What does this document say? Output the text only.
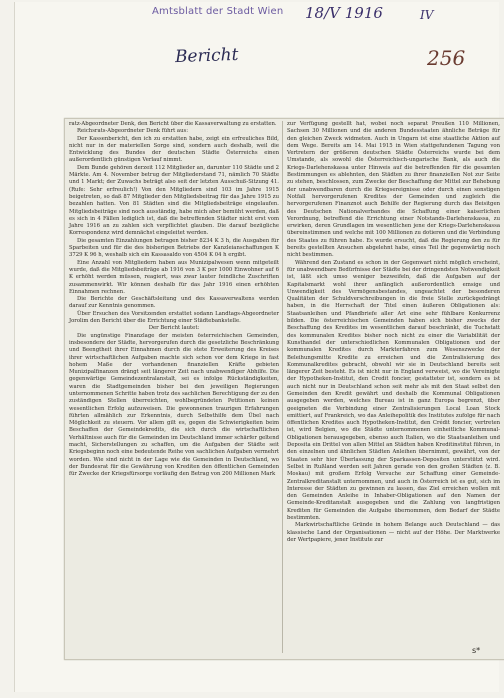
Amtsblatt der Stadt Wien 18/V 1916	IV
Bericht	256

ratz-Abgeordneter Denk, den Bericht über die Kassaverwaltung zu erstatten.

Reichsrats-Abgeordneter Denk führt aus:

Der Kassenbericht, den ich zu erstatten habe, zeigt ein erfreuliches Bild, nicht nur in der materiellen Sorge sind, sondern auch deshalb, weil die Entwicklung des Bundes der deutschen Städte Österreichs einen außerordentlich günstigen Verlauf nimmt.

Dem Bunde gehören derzeit 112 Mitglieder an, darunter 110 Städte und 2 Märkte. Am 4. November betrug der Mitgliederstand 71, nämlich 70 Städte und 1 Markt; der Zuwachs beträgt also seit der letzten Ausschuß-Sitzung 41. (Rufe: Sehr erfreulich!) Von den Mitgliedern sind 103 im Jahre 1915 beigetreten, so daß 87 Mitglieder den Mitgliedsbeitrag für das Jahre 1915 zu bezahlen hatten. Von 81 Städten sind die Mitgliedsbeiträge eingelaufen. Mitgliedsbeiträge sind noch ausständig, habe mich aber bemüht werden, daß es sich in 4 Fällen lediglich ist, daß die betreffenden Städter nicht erst vom Jahre 1916 an zu zahlen sich verpflichtet glauben. Die darauf bezügliche Korrespondenz wird demnächst eingeleitet werden.

Die gesamten Einzahlungen betragen bisher 8234 K 3 h, die Ausgaben für Sparbeiten und für die des bisherigen Betriebs der Kanzleianschaffungen K 3729 K 96 h, weshalb sich ein Kassasaldo von 4504 K 04 h ergibt.

Eine Anzahl von Mitgliedern haben aus Munizipalwesen wenn mitgeteilt wurde, daß die Mitgliedsbeiträge ab 1916 von 3 K per 1000 Einwohner auf 6 K erhöht werden müssen, reagiert, was zwar lauter feindliche Zuschriften zusammenwirkt. Wir können deshalb für das Jahr 1916 einen erhöhten Einnahmen rechnen.

Die Berichte der Geschäftsleitung und des Kassaverwaltens werden darauf zur Kenntnis genommen.

Über Ersuchen des Vorsitzenden erstattet sodann Landtags-Abgeordneter Jorolim den Bericht über die Errichtung einer Städtebankstelle.

Der Bericht lautet:

Die ungünstige Finanzlage der meisten österreichischen Gemeinden, insbesondere der Städte, hervorgerufen durch die gesetzliche Beschränkung und Beengtheit ihrer Einnahmen durch die stete Erweiterung des Kreises ihrer wirtschaftlichen Aufgaben machte sich schon vor dem Kriege in fast hohem Maße der vorhandenen finanziellen Kräfte gebieten Munizipalfinanzen drängt seit längerer Zeit nach unabwendiger Abhilfe. Die gegenwärtige Gemeindezentralanstalt, sei es infolge Rückständigkeiten, waren die Stadtgemeinden bisher bei den jeweiligen Regierungen unternommenen Schritte haben trotz des sachlichen Berechtigung der zu den zuständigen Stellen überreichten, wohlbegründeten Petitionen keinen wesentlichen Erfolg aufzuweisen. Die gewonnenen traurigen Erfahrungen führten allmählich zur Erkenntnis, durch Selbsthilfe dem Übel nach Möglichkeit zu steuern. Vor allem gilt es, gegen die Schwierigkeiten beim Beschaffen der Gemeindekredits, die sich durch die wirtschaftlichen Verhältnisse auch für die Gemeinden im Deutschland immer schärfer geltend macht, Sicherstellungen zu schaffen, um die Aufgaben der Städte seit Kriegsbeginn noch eine bedeutende Reihe von sachlichen Aufgaben vermehrt worden. Wie sind nicht in der Lage wie die Gemeinden in Deutschland, wo der Bundesrat für die Gewährung von Krediten den öffentlichen Gemeinden für Zwecke der Kriegsfürsorge vorläufig den Betrag von 200 Millionen Mark

zur Verfügung gestellt hat, wobei noch separat Preußen 110 Millionen, Sachsen 30 Millionen und die anderen Bundesstaaten ähnliche Beträge für den gleichen Zweck widmeten. Auch in Ungarn ist eine staatliche Aktion auf dem Wege. Bereits am 14. Mai 1915 in Wien stattgefundenen Tagung von Vertretern der größeren deutschen Städte Österreichs wurde bei dem Umstande, als sowohl die Österreichisch-ungarische Bank, als auch die Kriegs-Darlehenskassa unter Hinweis auf die betreffenden für die gesamten Bestimmungen es ablehnten, den Städten zu ihrer finanziellen Not zur Seite zu stehen, beschlossen, zum Zwecke der Beschaffung der Mittel zur Behebung der unabwendbaren durch die Kriegsereignisse oder durch einen sonstigen Notfall hervorgerufenen Kredites der Gemeinden und zugleich die hervorgerufenen Finanznot auch Behilfe der Regierung durch das Beisitgen des Deutschen Nationalverbandes die Schaffung einer kaiserlichen Verordnung, betreffend die Errichtung einer Notstands-Darlehenskassa, zu erwirken, deren Grundlagen im wesentlichen jene der Kriegs-Darlehenskassa übereinstimmen und welche mit 100 Millionen zu dotieren und die Verbindung des Staates zu führen habe. Es wurde ersucht, daß die Regierung den zu für bereits gestellten Ansuchen abgelehnt habe, eines Teil ihr gegenwärtig noch nicht bestimmen.

Während den Zustand es schon in der Gegenwart nicht möglich erscheint, für unabwendbare Bedürfnisse der Städte bei der dringendsten Notwendigkeit ist, läßt sich umso weniger bezweifeln, daß die Aufgaben auf der Kapitalsmarkt wohl ihrer anfänglich außerordentlich emsige und Unwendigkeit des Vermögensbestandes, ungeachtet der besonderen Qualitäten der Schuldverschreibungen in die freie Stelle zurückgedrängt haben, in die Herrschaft der Titel einen äußeren Obligationen als: Staatsanleihen und Pfandbriefe aller Art eine sehr fühlbare Konkurrenz bilden. Die österreichischen Gemeinden haben sich bisher zwecks der Beschaffung des Kredites im wesentlichen darauf beschränkt, die Tuchstatt des kommunalen Kredites bisher noch nicht zu einer die Variabilität der Kunsthandel der unterschiedlichen Kommunalen Obligationen und der kommunalen Kredites durch Markterfahren zum Wesenszwecke der Beleihungsmitte Kredite zu erreichen und die Zentralisierung des Kommunalkredites gebracht, obwohl wir sie in Deutschland bereits seit längerer Zeit besteht. Es ist nicht nur in England verweist, wo die Vereinigte der Hypotheken-Institut, den Credit foncier, gestatteter ist, sondern es ist auch nicht nur in Deutschland schon seit mehr als mit den Staat selbst den Gemeinden den Kredit gewährt und deshalb die Kommunal Obligationen ausgegeben werden, welches Bureau ist in ganz Europa begrenzt, über geeigneten die Verbindung einer Zentralisierungen Local Loan Stock emittiert, auf Frankreich, wo das Anleihepolitik des Institutes zufolge für nach öffentlichen Kredites auch Hypotheken-Institut, den Crédit foncier, vertreten ist, wird Belgien, wo die Städte unternommenen einheitliche Kommunal-Obligationen herausgegeben, ebenso auch Italien, wo die Staatsanleihen und Deposita ein Drittel von allen Mittel an Städten haben Kreditinstitut führen, in den einzelnen und ähnlichen Städten Anleihen übernimmt, gewährt, von der Staaten sehr hier Überlassung der Sparkassen-Depositen unterstützt wird. Selbst in Rußland werden seit Jahren gerade von den großen Städten (z. B. Moskau) mit großem Erfolg Versuche zur Schaffung einer Gemeinde-Zentralkreditanstalt unternommen, und auch in Österreich ist es gut, sich im Interesse der Städten zu gewinnen zu lassen, das Ziel erreichen wollen mit den Gemeinden Anleihe in Inhaber-Obligationen auf den Namen der Gemeinde-Kreditanstalt ausgegeben und die Zahlung von langfristigen Krediten für Gemeinden die Aufgabe übernommen, dem Bedarf der Städte bestimmten.

Markwirtschaftliche Gründe in hohem Belange auch Deutschland — das klassische Land der Organisationen — nicht auf der Höhe. Der Marktwerke der Wertpapiere, jener Institute zur

s*
